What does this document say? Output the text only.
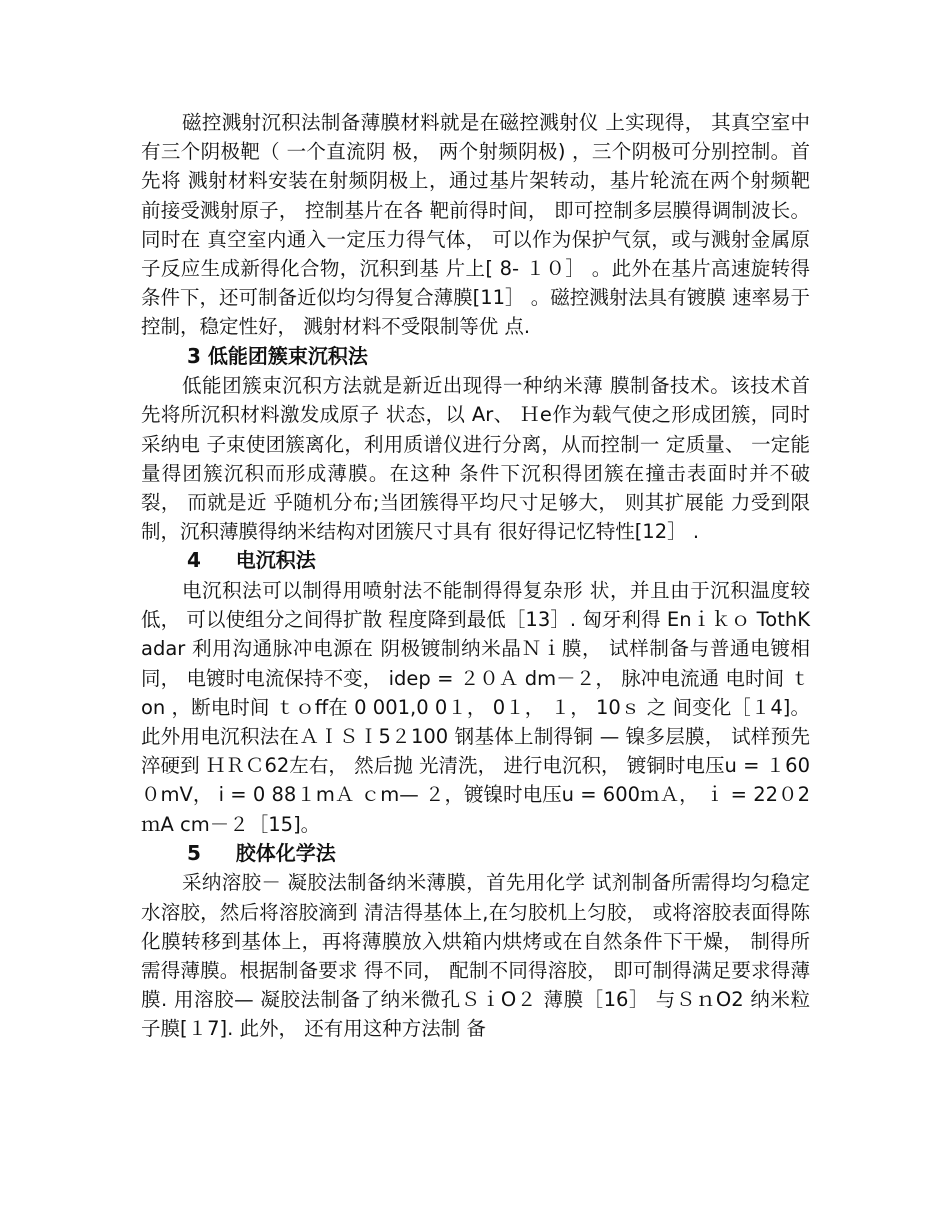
磁控溅射沉积法制备薄膜材料就是在磁控溅射仪 上实现得， 其真空室中有三个阴极靶（ 一个直流阴 极， 两个射频阴极) ，三个阴极可分别控制。首先将 溅射材料安装在射频阴极上，通过基片架转动，基片轮流在两个射频靶前接受溅射原子， 控制基片在各 靶前得时间， 即可控制多层膜得调制波长。同时在 真空室内通入一定压力得气体， 可以作为保护气氛，或与溅射金属原子反应生成新得化合物，沉积到基 片上[ 8- １０］ 。此外在基片高速旋转得条件下，还可制备近似均匀得复合薄膜[11］ 。磁控溅射法具有镀膜 速率易于控制，稳定性好， 溅射材料不受限制等优 点.

3 低能团簇束沉积法

低能团簇束沉积方法就是新近出现得一种纳米薄 膜制备技术。该技术首先将所沉积材料激发成原子 状态，以 Ar、 Ｈe作为载气使之形成团簇，同时采纳电 子束使团簇离化，利用质谱仪进行分离，从而控制一 定质量、 一定能量得团簇沉积而形成薄膜。在这种 条件下沉积得团簇在撞击表面时并不破裂， 而就是近 乎随机分布;当团簇得平均尺寸足够大， 则其扩展能 力受到限制，沉积薄膜得纳米结构对团簇尺寸具有 很好得记忆特性[12］ .

4 电沉积法

电沉积法可以制得用喷射法不能制得得复杂形 状，并且由于沉积温度较低， 可以使组分之间得扩散 程度降到最低［13］. 匈牙利得 Enｉｋｏ TothKadar 利用沟通脉冲电源在 阴极镀制纳米晶Ｎｉ膜， 试样制备与普通电镀相同， 电镀时电流保持不变， idep = ２０Ａ dm－２， 脉冲电流通 电时间 ｔon ，断电时间 ｔｏff在 0 001,0 0１， 0１， １， 10ｓ 之 间变化［１4]。此外用电沉积法在ＡＩＳＩ5２100 钢基体上制得铜 — 镍多层膜， 试样预先淬硬到 ＨＲＣ62左右， 然后抛 光清洗， 进行电沉积， 镀铜时电压u = １60０mV， i = 0 88１mＡ ｃm— ２，镀镍时电压u = 600ｍＡ， ｉ = 22０2ｍA cm－２［15]。

5 胶体化学法

采纳溶胶－ 凝胶法制备纳米薄膜，首先用化学 试剂制备所需得均匀稳定水溶胶，然后将溶胶滴到 清洁得基体上,在匀胶机上匀胶， 或将溶胶表面得陈 化膜转移到基体上，再将薄膜放入烘箱内烘烤或在自然条件下干燥， 制得所需得薄膜。根据制备要求 得不同， 配制不同得溶胶， 即可制得满足要求得薄 膜. 用溶胶— 凝胶法制备了纳米微孔ＳｉO２ 薄膜［16］ 与ＳｎO2 纳米粒子膜[１7]. 此外， 还有用这种方法制 备
